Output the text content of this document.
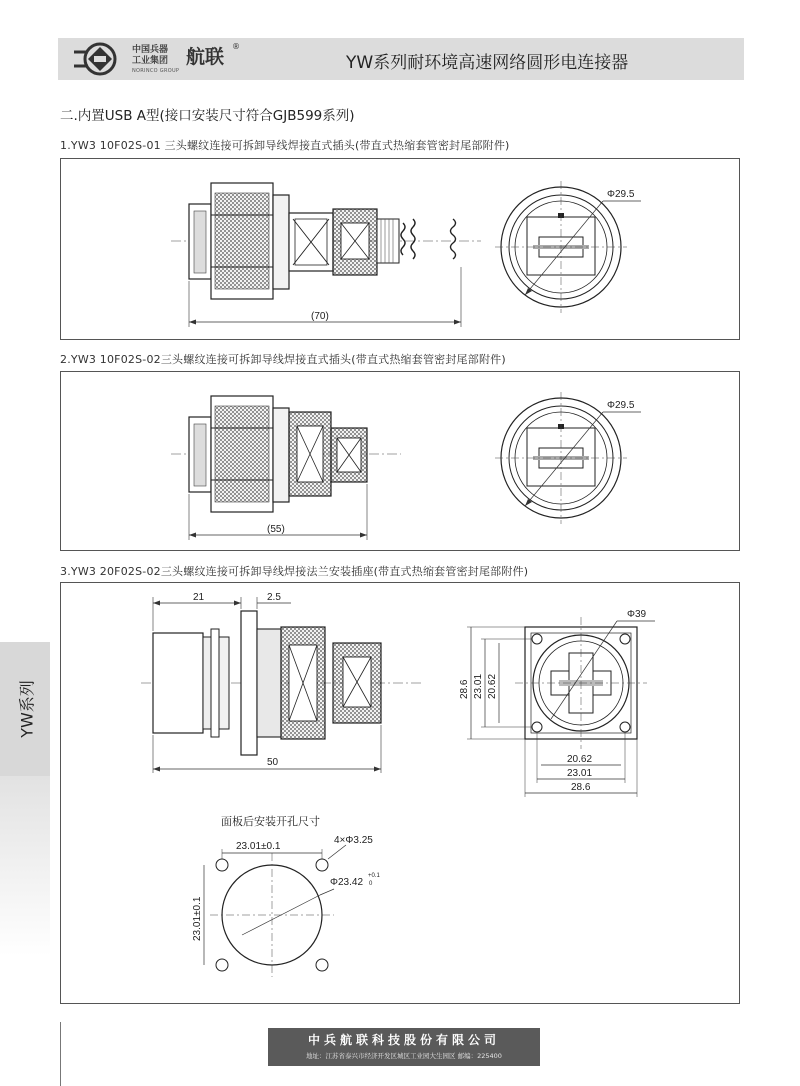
中国兵器
工业集团
NORINCO GROUP
航联 ®
YW系列耐环境高速网络圆形电连接器
二.内置USB A型(接口安装尺寸符合GJB599系列)
1.YW3 10F02S-01 三头螺纹连接可拆卸导线焊接直式插头(带直式热缩套管密封尾部附件)
(70)
Φ29.5
2.YW3 10F02S-02三头螺纹连接可拆卸导线焊接直式插头(带直式热缩套管密封尾部附件)
(55)
Φ29.5
3.YW3 20F02S-02三头螺纹连接可拆卸导线焊接法兰安装插座(带直式热缩套管密封尾部附件)
21	2.5
50
Φ39
28.6 23.01 20.62
20.62
23.01
28.6
面板后安装开孔尺寸
23.01±0.1
23.01±0.1
4×Φ3.25
Φ23.42
+0.1
0
YW系列
中兵航联科技股份有限公司
地址：江苏省泰兴市经济开发区城区工业园大生园区 邮编：225400
